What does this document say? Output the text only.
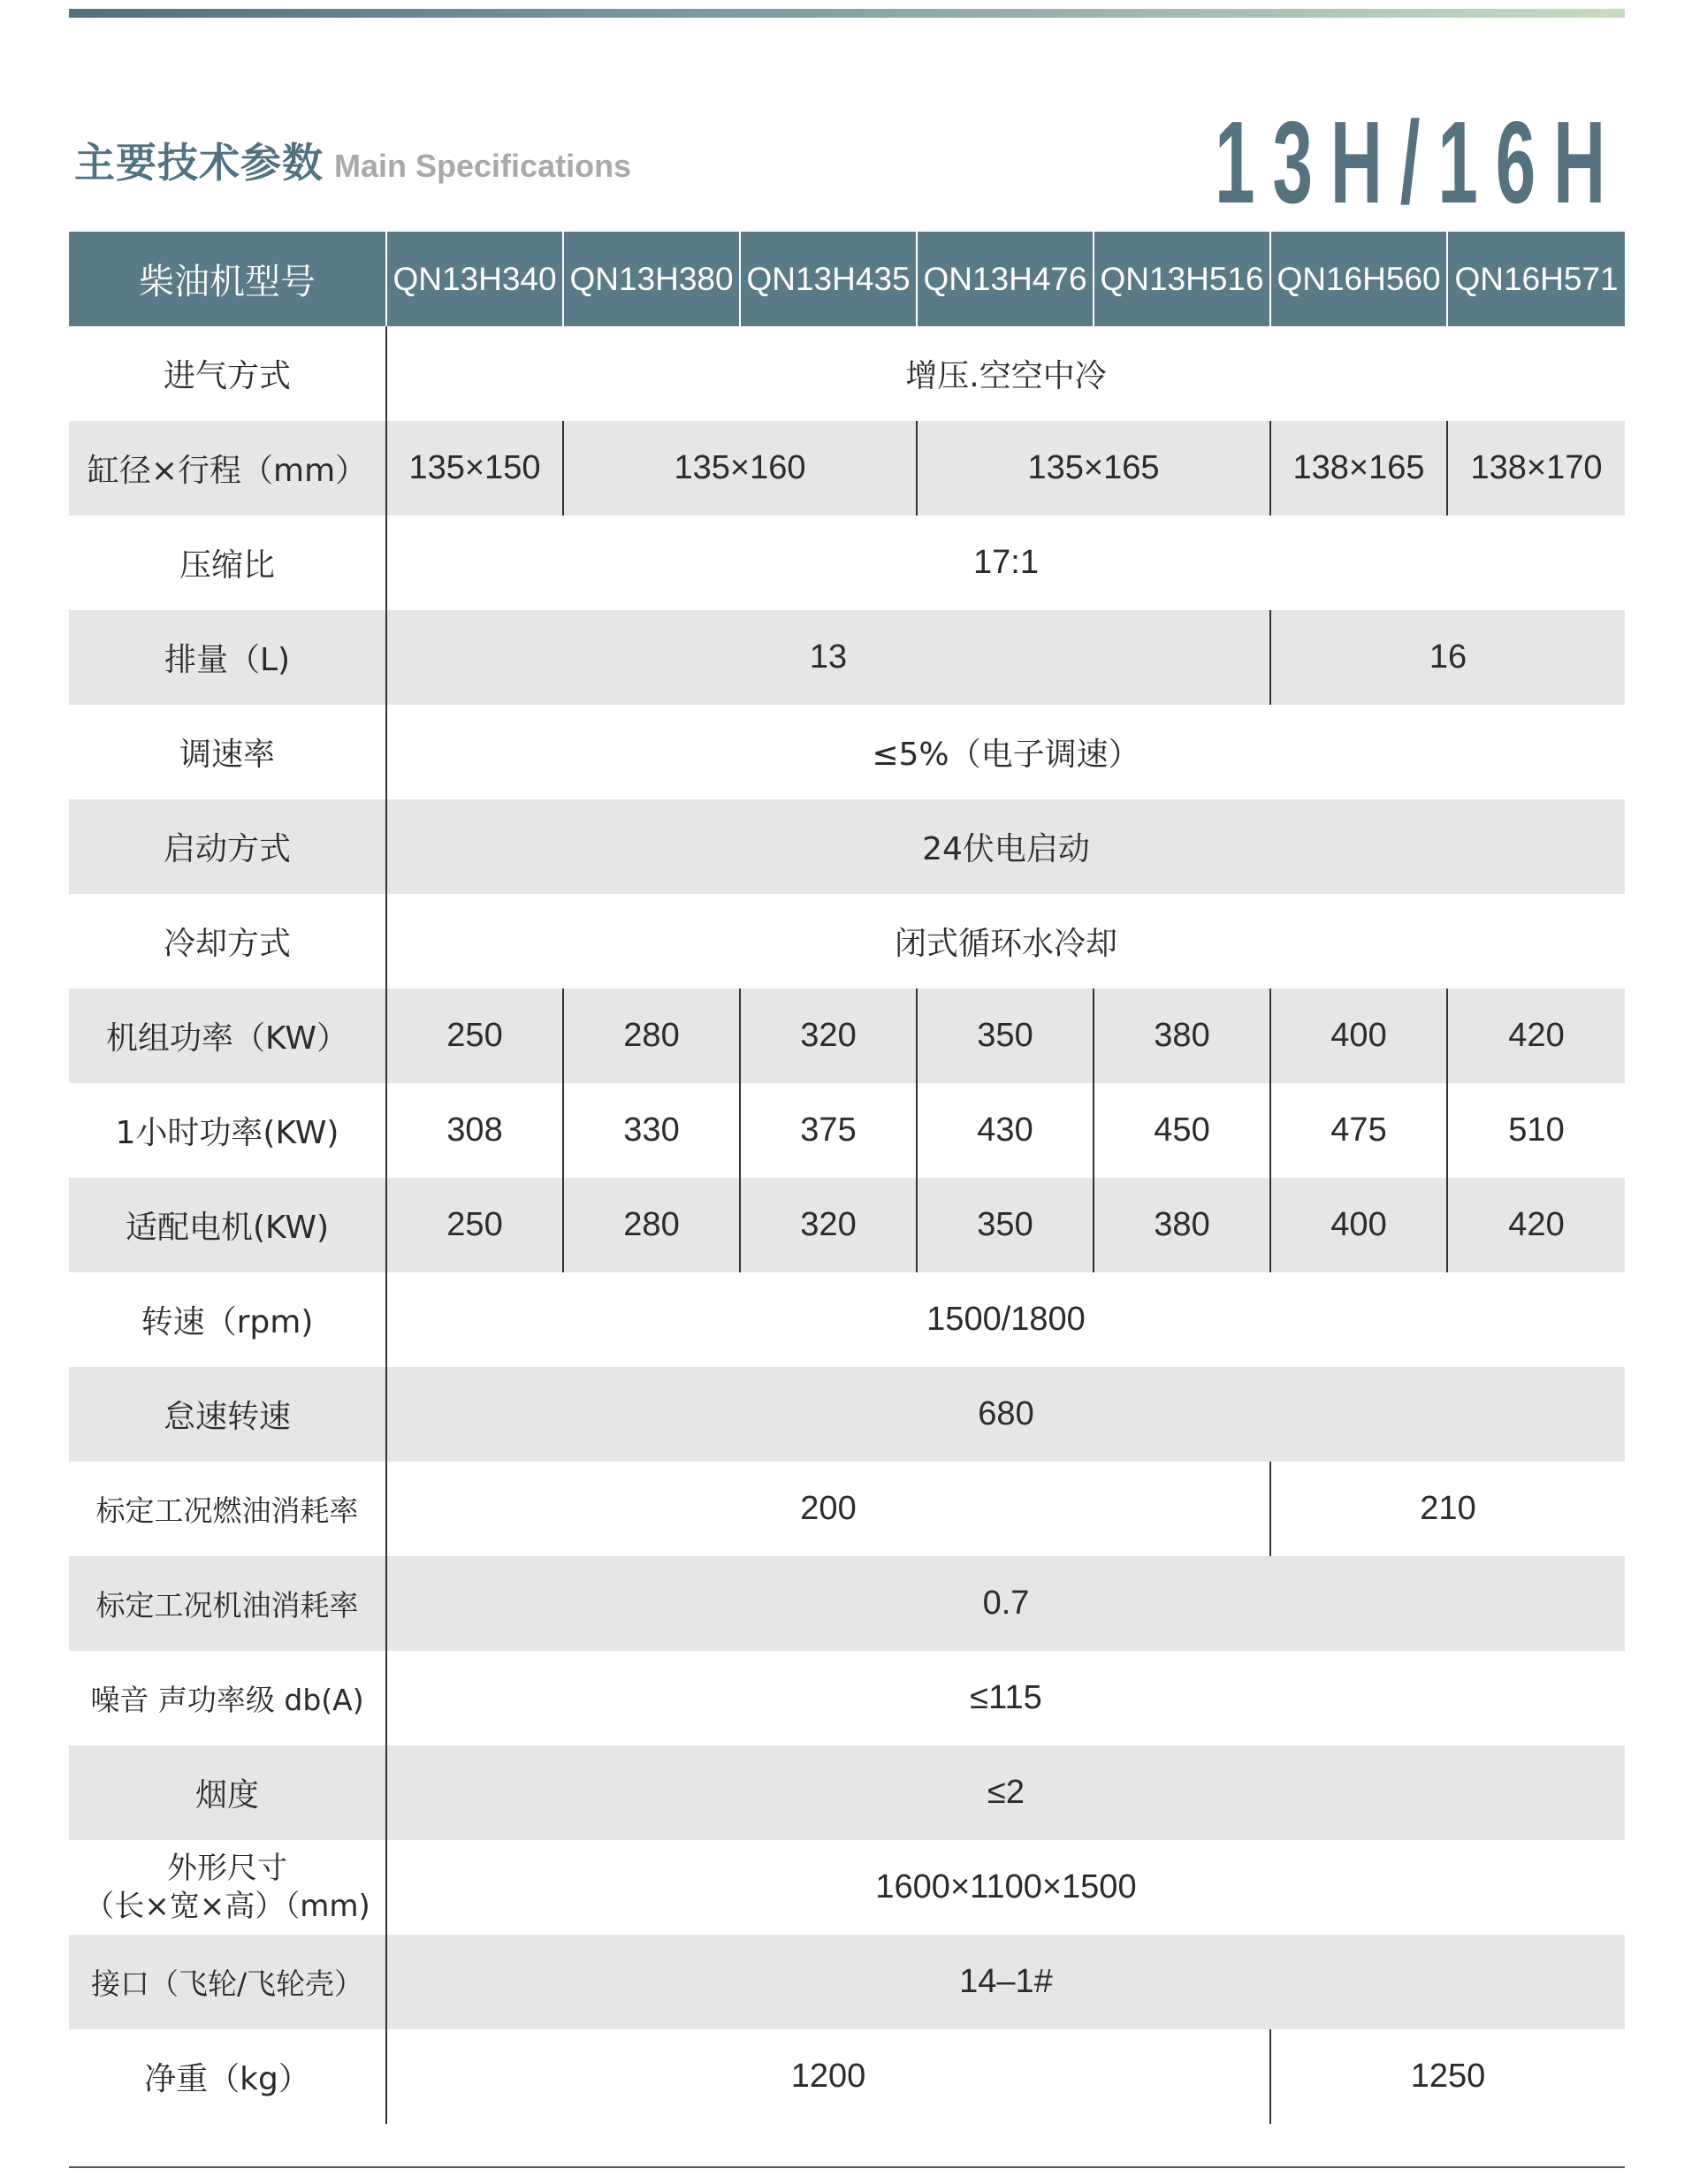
主要技术参数 Main Specifications	13H/16H
柴油机型号	QN13H340	QN13H380	QN13H435	QN13H476	QN13H516	QN16H560	QN16H571
进气方式	增压.空空中冷						
缸径×行程（mm）	135×150	135×160		135×165		138×165	138×170
压缩比	17:1						
排量（L)	13					16	
调速率	≤5%（电子调速）						
启动方式	24伏电启动						
冷却方式	闭式循环水冷却						
机组功率（KW）	250	280	320	350	380	400	420
1小时功率(KW)	308	330	375	430	450	475	510
适配电机(KW)	250	280	320	350	380	400	420
转速（rpm)	1500/1800						
怠速转速	680						
标定工况燃油消耗率	200					210	
标定工况机油消耗率	0.7						
噪音 声功率级 db(A)	≤115						
烟度	≤2						

外形尺寸
（长×宽×高）（mm)	1600×1100×1500						
接口（飞轮/飞轮壳）	14–1#						
净重（kg）	1200					1250	
